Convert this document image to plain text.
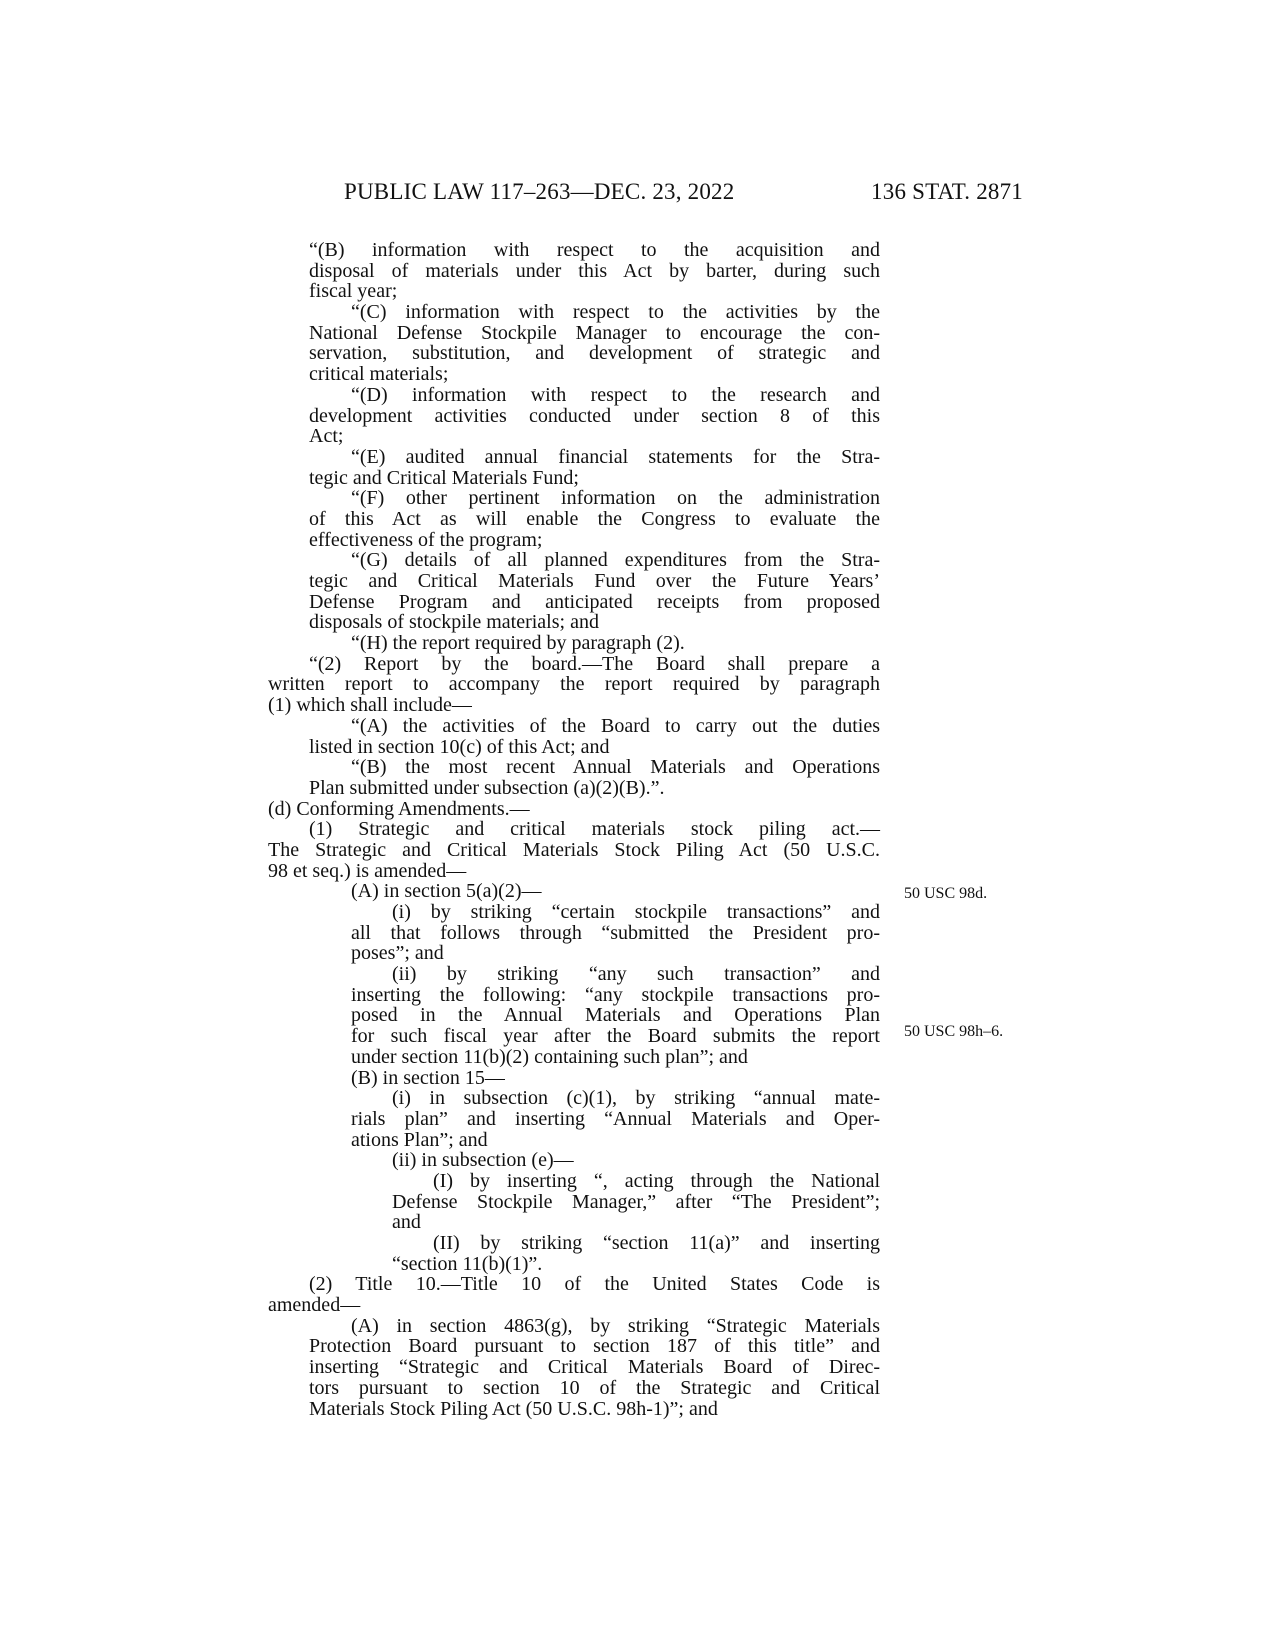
PUBLIC LAW 117–263—DEC. 23, 2022	136 STAT. 2871
“(B) information with respect to the acquisition and
disposal of materials under this Act by barter, during such
fiscal year;
“(C) information with respect to the activities by the
National Defense Stockpile Manager to encourage the con-
servation, substitution, and development of strategic and
critical materials;
“(D) information with respect to the research and
development activities conducted under section 8 of this
Act;
“(E) audited annual financial statements for the Stra-
tegic and Critical Materials Fund;
“(F) other pertinent information on the administration
of this Act as will enable the Congress to evaluate the
effectiveness of the program;
“(G) details of all planned expenditures from the Stra-
tegic and Critical Materials Fund over the Future Years’
Defense Program and anticipated receipts from proposed
disposals of stockpile materials; and
“(H) the report required by paragraph (2).
“(2) Report by the board.—The Board shall prepare a
written report to accompany the report required by paragraph
(1) which shall include—
“(A) the activities of the Board to carry out the duties
listed in section 10(c) of this Act; and
“(B) the most recent Annual Materials and Operations
Plan submitted under subsection (a)(2)(B).”.
(d) Conforming Amendments.—
(1) Strategic and critical materials stock piling act.—
The Strategic and Critical Materials Stock Piling Act (50 U.S.C.
98 et seq.) is amended—
(A) in section 5(a)(2)—
(i) by striking “certain stockpile transactions” and
all that follows through “submitted the President pro-
poses”; and
(ii) by striking “any such transaction” and
inserting the following: “any stockpile transactions pro-
posed in the Annual Materials and Operations Plan
for such fiscal year after the Board submits the report
under section 11(b)(2) containing such plan”; and
(B) in section 15—
(i) in subsection (c)(1), by striking “annual mate-
rials plan” and inserting “Annual Materials and Oper-
ations Plan”; and
(ii) in subsection (e)—
(I) by inserting “, acting through the National
Defense Stockpile Manager,” after “The President”;
and
(II) by striking “section 11(a)” and inserting
“section 11(b)(1)”.
(2) Title 10.—Title 10 of the United States Code is
amended—
(A) in section 4863(g), by striking “Strategic Materials
Protection Board pursuant to section 187 of this title” and
inserting “Strategic and Critical Materials Board of Direc-
tors pursuant to section 10 of the Strategic and Critical
Materials Stock Piling Act (50 U.S.C. 98h-1)”; and
50 USC 98d.
50 USC 98h–6.
